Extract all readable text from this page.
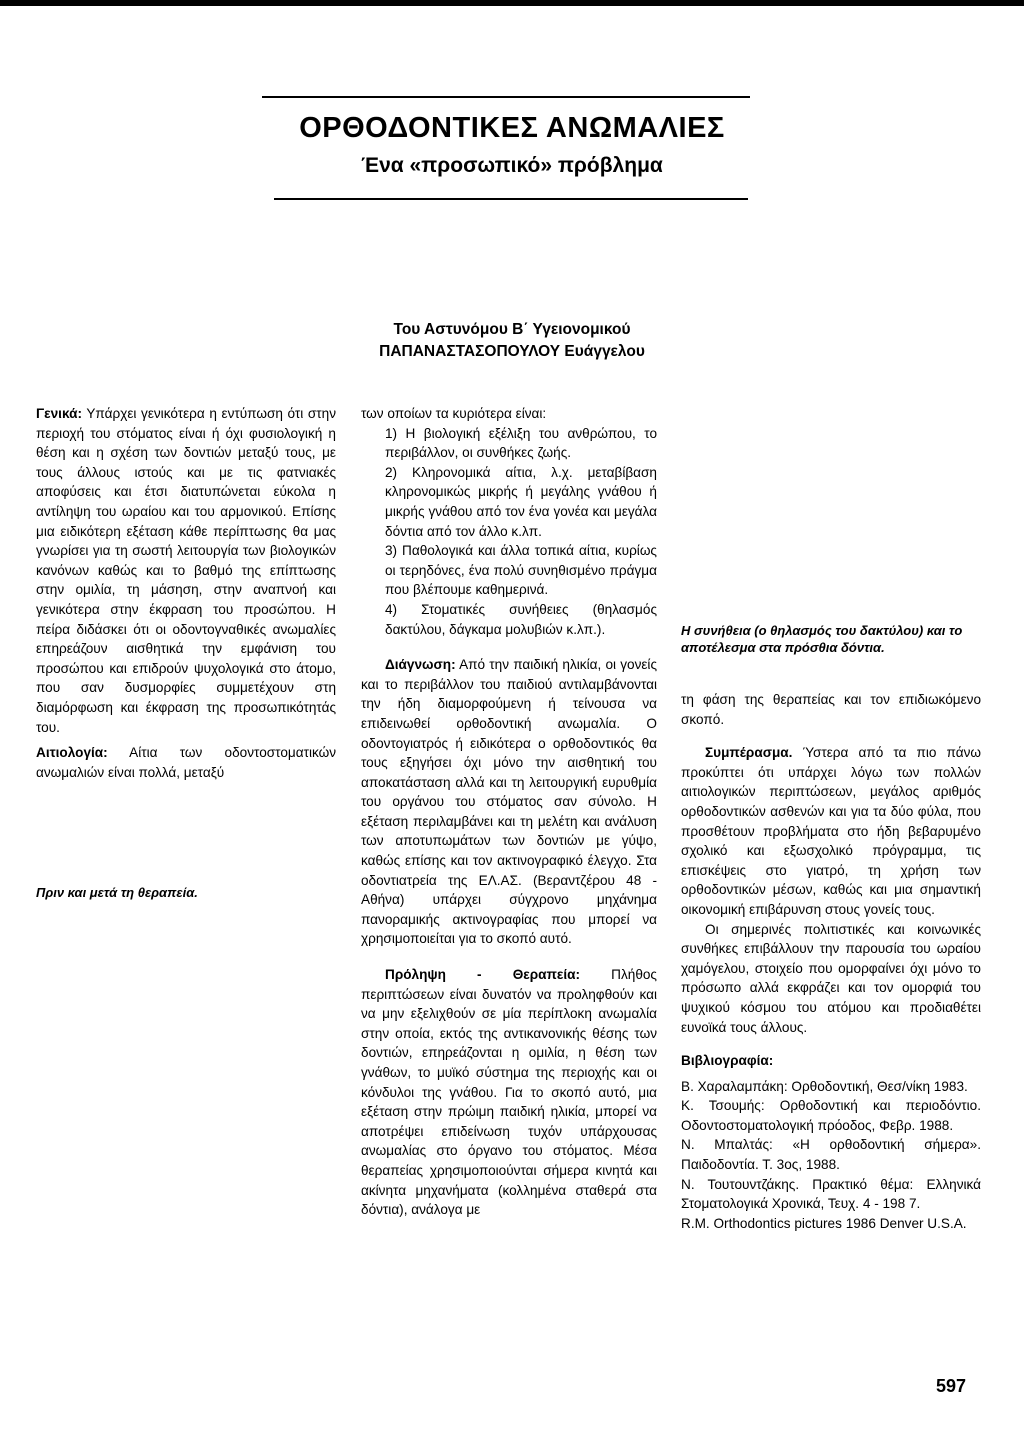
ΟΡΘΟΔΟΝΤΙΚΕΣ ΑΝΩΜΑΛΙΕΣ
Ένα «προσωπικό» πρόβλημα
Του Αστυνόμου Β΄ Υγειονομικού
ΠΑΠΑΝΑΣΤΑΣΟΠΟΥΛΟΥ Ευάγγελου

Γενικά: Υπάρχει γενικότερα η εντύπωση ότι στην περιοχή του στόματος είναι ή όχι φυσιολογική η θέση και η σχέση των δοντιών μεταξύ τους, με τους άλλους ιστούς και με τις φατνιακές αποφύσεις και έτσι διατυπώνεται εύκολα η αντίληψη του ωραίου και του αρμονικού. Επίσης μια ειδικότερη εξέταση κάθε περίπτωσης θα μας γνωρίσει για τη σωστή λειτουργία των βιολογικών κανόνων καθώς και το βαθμό της επίπτωσης στην ομιλία, τη μάσηση, στην αναπνοή και γενικότερα στην έκφραση του προσώπου. Η πείρα διδάσκει ότι οι οδοντογναθικές ανωμαλίες επηρεάζουν αισθητικά την εμφάνιση του προσώπου και επιδρούν ψυχολογικά στο άτομο, που σαν δυσμορφίες συμμετέχουν στη διαμόρφωση και έκφραση της προσωπικότητάς του.

Αιτιολογία: Αίτια των οδοντοστοματικών ανωμαλιών είναι πολλά, μεταξύ

Πριν και μετά τη θεραπεία.

των οποίων τα κυριότερα είναι:

1) Η βιολογική εξέλιξη του ανθρώπου, το περιβάλλον, οι συνθήκες ζωής.

2) Κληρονομικά αίτια, λ.χ. μεταβίβαση κληρονομικώς μικρής ή μεγάλης γνάθου ή μικρής γνάθου από τον ένα γονέα και μεγάλα δόντια από τον άλλο κ.λπ.

3) Παθολογικά και άλλα τοπικά αίτια, κυρίως οι τερηδόνες, ένα πολύ συνηθισμένο πράγμα που βλέπουμε καθημερινά.

4) Στοματικές συνήθειες (θηλασμός δακτύλου, δάγκαμα μολυβιών κ.λπ.).

Διάγνωση: Από την παιδική ηλικία, οι γονείς και το περιβάλλον του παιδιού αντιλαμβάνονται την ήδη διαμορφούμενη ή τείνουσα να επιδεινωθεί ορθοδοντική ανωμαλία. Ο οδοντογιατρός ή ειδικότερα ο ορθοδοντικός θα τους εξηγήσει όχι μόνο την αισθητική του αποκατάσταση αλλά και τη λειτουργική ευρυθμία του οργάνου του στόματος σαν σύνολο. Η εξέταση περιλαμβάνει και τη μελέτη και ανάλυση των αποτυπωμάτων των δοντιών με γύψο, καθώς επίσης και τον ακτινογραφικό έλεγχο. Στα οδοντιατρεία της ΕΛ.ΑΣ. (Βεραντζέρου 48 - Αθήνα) υπάρχει σύγχρονο μηχάνημα πανοραμικής ακτινογραφίας που μπορεί να χρησιμοποιείται για το σκοπό αυτό.

Πρόληψη - Θεραπεία: Πλήθος περιπτώσεων είναι δυνατόν να προληφθούν και να μην εξελιχθούν σε μία περίπλοκη ανωμαλία στην οποία, εκτός της αντικανονικής θέσης των δοντιών, επηρεάζονται η ομιλία, η θέση των γνάθων, το μυϊκό σύστημα της περιοχής και οι κόνδυλοι της γνάθου. Για το σκοπό αυτό, μια εξέταση στην πρώιμη παιδική ηλικία, μπορεί να αποτρέψει επιδείνωση τυχόν υπάρχουσας ανωμαλίας στο όργανο του στόματος. Μέσα θεραπείας χρησιμοποιούνται σήμερα κινητά και ακίνητα μηχανήματα (κολλημένα σταθερά στα δόντια), ανάλογα με

Η συνήθεια (ο θηλασμός του δακτύλου) και το αποτέλεσμα στα πρόσθια δόντια.

τη φάση της θεραπείας και τον επιδιωκόμενο σκοπό.

Συμπέρασμα. Ύστερα από τα πιο πάνω προκύπτει ότι υπάρχει λόγω των πολλών αιτιολογικών περιπτώσεων, μεγάλος αριθμός ορθοδοντικών ασθενών και για τα δύο φύλα, που προσθέτουν προβλήματα στο ήδη βεβαρυμένο σχολικό και εξωσχολικό πρόγραμμα, τις επισκέψεις στο γιατρό, τη χρήση των ορθοδοντικών μέσων, καθώς και μια σημαντική οικονομική επιβάρυνση στους γονείς τους.

Οι σημερινές πολιτιστικές και κοινωνικές συνθήκες επιβάλλουν την παρουσία του ωραίου χαμόγελου, στοιχείο που ομορφαίνει όχι μόνο το πρόσωπο αλλά εκφράζει και τον ομορφιά του ψυχικού κόσμου του ατόμου και προδιαθέτει ευνοϊκά τους άλλους.

Βιβλιογραφία:

Β. Χαραλαμπάκη: Ορθοδοντική, Θεσ/νίκη 1983.

Κ. Τσουμής: Ορθοδοντική και περιοδόντιο. Οδοντοστοματολογική πρόοδος, Φεβρ. 1988.

Ν. Μπαλτάς: «Η ορθοδοντική σήμερα». Παιδοδοντία. Τ. 3ος, 1988.

Ν. Τουτουντζάκης. Πρακτικό θέμα: Ελληνικά Στοματολογικά Χρονικά, Τευχ. 4 - 198 7.

R.M. Orthodontics pictures 1986 Denver U.S.A.

597
